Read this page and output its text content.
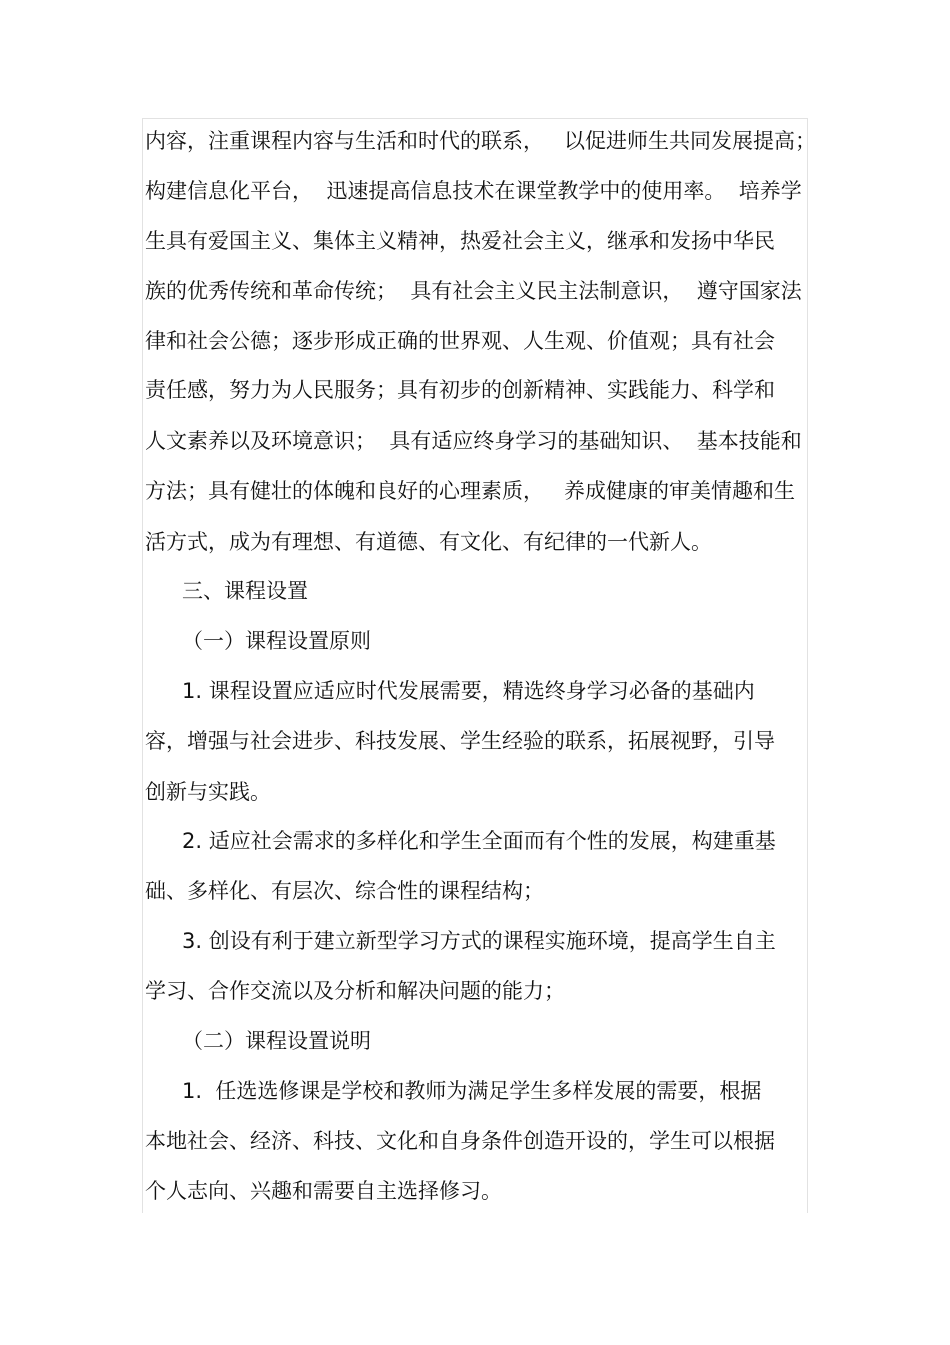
内容，注重课程内容与生活和时代的联系，   以促进师生共同发展提高；
构建信息化平台，  迅速提高信息技术在课堂教学中的使用率。  培养学
生具有爱国主义、集体主义精神，热爱社会主义，继承和发扬中华民
族的优秀传统和革命传统；  具有社会主义民主法制意识，  遵守国家法
律和社会公德；逐步形成正确的世界观、人生观、价值观；具有社会
责任感，努力为人民服务；具有初步的创新精神、实践能力、科学和
人文素养以及环境意识；  具有适应终身学习的基础知识、  基本技能和
方法；具有健壮的体魄和良好的心理素质，   养成健康的审美情趣和生
活方式，成为有理想、有道德、有文化、有纪律的一代新人。
三、课程设置
（一）课程设置原则
1. 课程设置应适应时代发展需要，精选终身学习必备的基础内
容，增强与社会进步、科技发展、学生经验的联系，拓展视野，引导
创新与实践。
2. 适应社会需求的多样化和学生全面而有个性的发展，构建重基
础、多样化、有层次、综合性的课程结构；
3. 创设有利于建立新型学习方式的课程实施环境，提高学生自主
学习、合作交流以及分析和解决问题的能力；
（二）课程设置说明
1.  任选选修课是学校和教师为满足学生多样发展的需要，根据
本地社会、经济、科技、文化和自身条件创造开设的，学生可以根据
个人志向、兴趣和需要自主选择修习。
